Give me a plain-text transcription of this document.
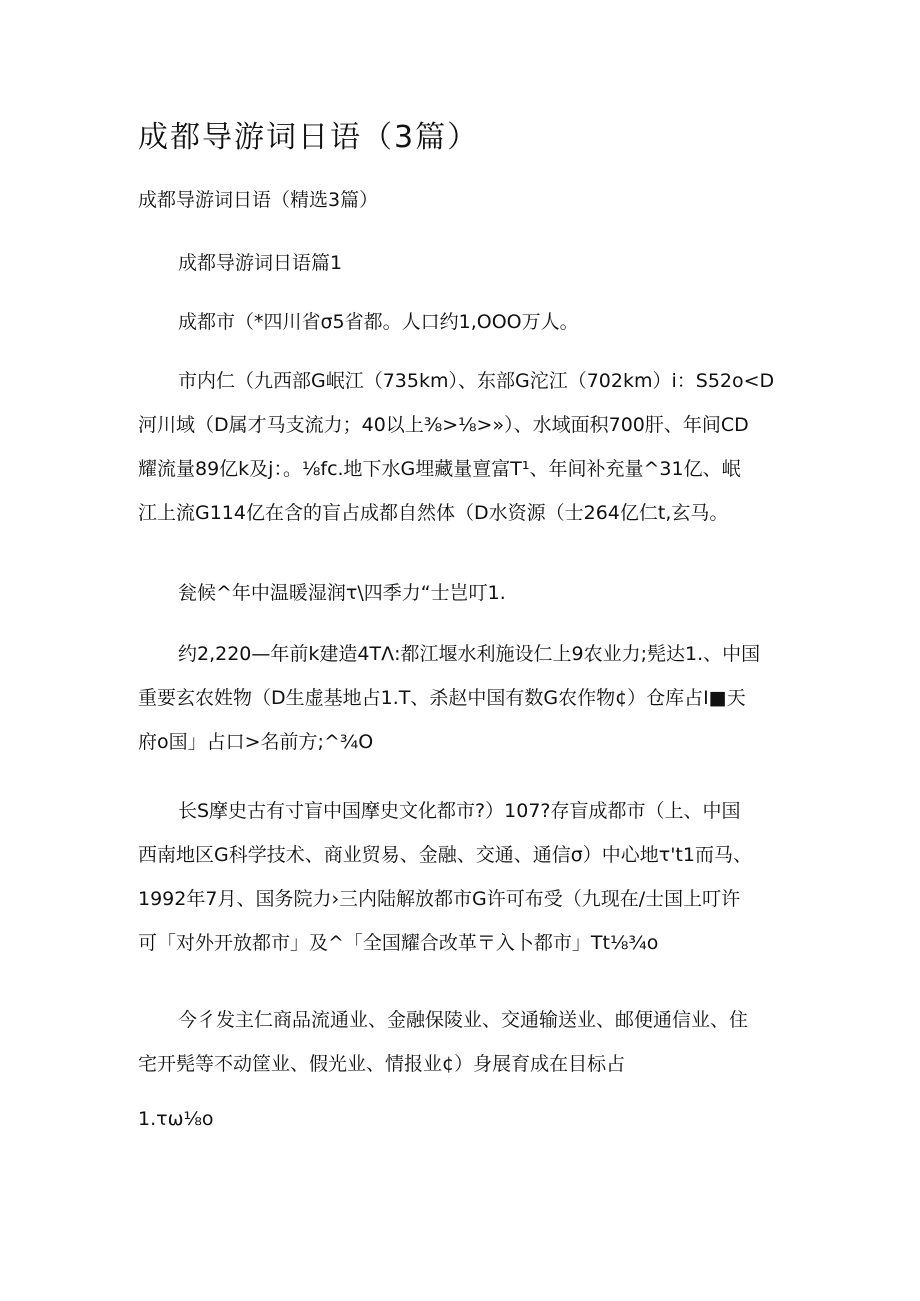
成都导游词日语（3篇）

成都导游词日语（精选3篇）

成都导游词日语篇1

成都市（*四川省σ5省都。人口约1,OOO万人。

市内仁（九西部G岷江（735km）、东部G沱江（702km）i：S52o<D
河川域（D属才马支流力；40以上⅜>⅛>»）、水域面积700肝、年间CD
耀流量89亿k及j：。⅛fc.地下水G埋藏量亶富T¹、年间补充量^31亿、岷
江上流G114亿在含的盲占成都自然体（D水资源（士264亿仁t,玄马。

瓮候^年中温暖湿润τ\四季力“士岂叮1.

约2,220—年前k建造4TΛ:都江堰水利施设仁上9农业力;髡达1.、中国
重要玄农姓物（D生虚基地占1.T、杀赵中国有数G农作物¢）仓库占I■天
府o国」占口>名前方;^¾O

长S摩史古有寸盲中国摩史文化都市?）107?存盲成都市（上、中国
西南地区G科学技术、商业贸易、金融、交通、通信σ）中心地τ't1而马、
1992年7月、国务院力›三内陆解放都市G许可布受（九现在/士国上叮许
可「对外开放都市」及^「全国耀合改革〒入卜都市」Tt⅛¾o

今彳发主仁商品流通业、金融保陵业、交通输送业、邮便通信业、住
宅开髡等不动筐业、假光业、情报业¢）身展育成在目标占

1.τω⅛o
